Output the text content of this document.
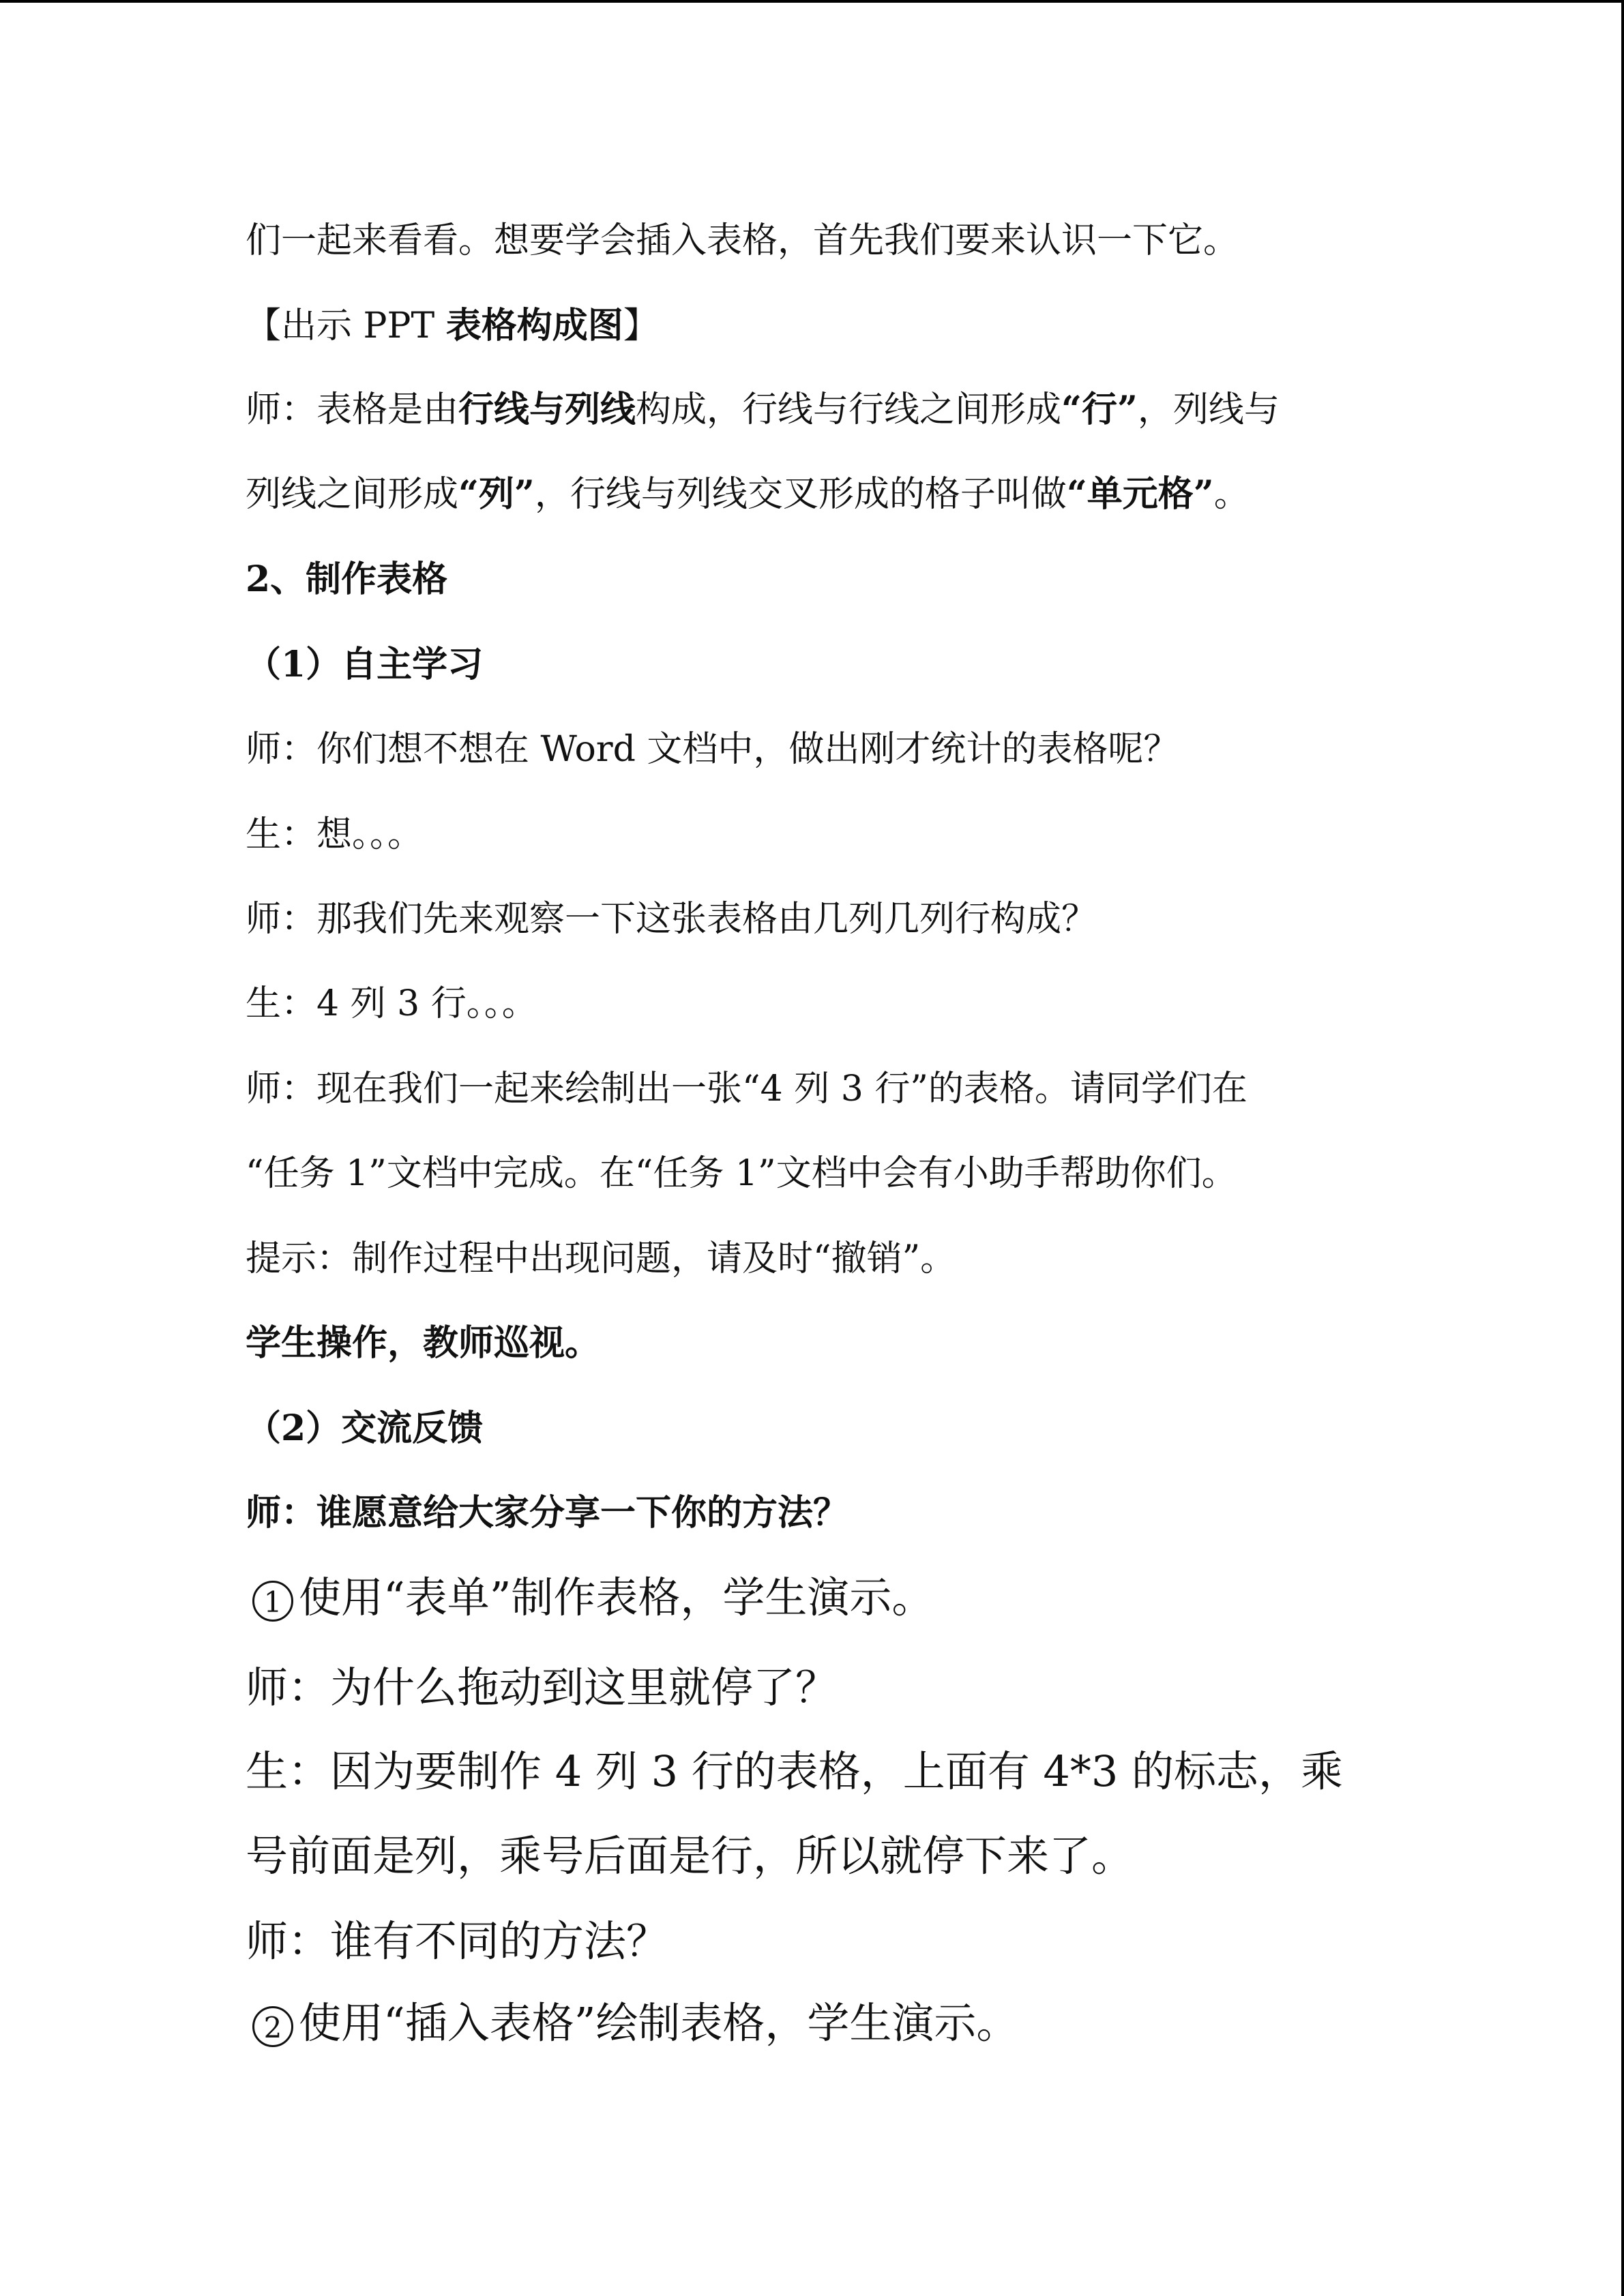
们一起来看看。想要学会插入表格，首先我们要来认识一下它。
【出示 PPT 表格构成图】
师：表格是由行线与列线构成，行线与行线之间形成“行”，列线与
列线之间形成“列”，行线与列线交叉形成的格子叫做“单元格”。
2、制作表格
（1）自主学习
师：你们想不想在 Word 文档中，做出刚才统计的表格呢？
生：想。。。
师：那我们先来观察一下这张表格由几列几列行构成？
生：4 列 3 行。。。
师：现在我们一起来绘制出一张“4 列 3 行”的表格。请同学们在
“任务 1”文档中完成。在“任务 1”文档中会有小助手帮助你们。
提示：制作过程中出现问题，请及时“撤销”。
学生操作，教师巡视。
（2）交流反馈
师：谁愿意给大家分享一下你的方法？
1 使用“表单”制作表格，学生演示。
师：为什么拖动到这里就停了？
生：因为要制作 4 列 3 行的表格，上面有 4*3 的标志，乘
号前面是列，乘号后面是行，所以就停下来了。
师：谁有不同的方法？
2 使用“插入表格”绘制表格，学生演示。
